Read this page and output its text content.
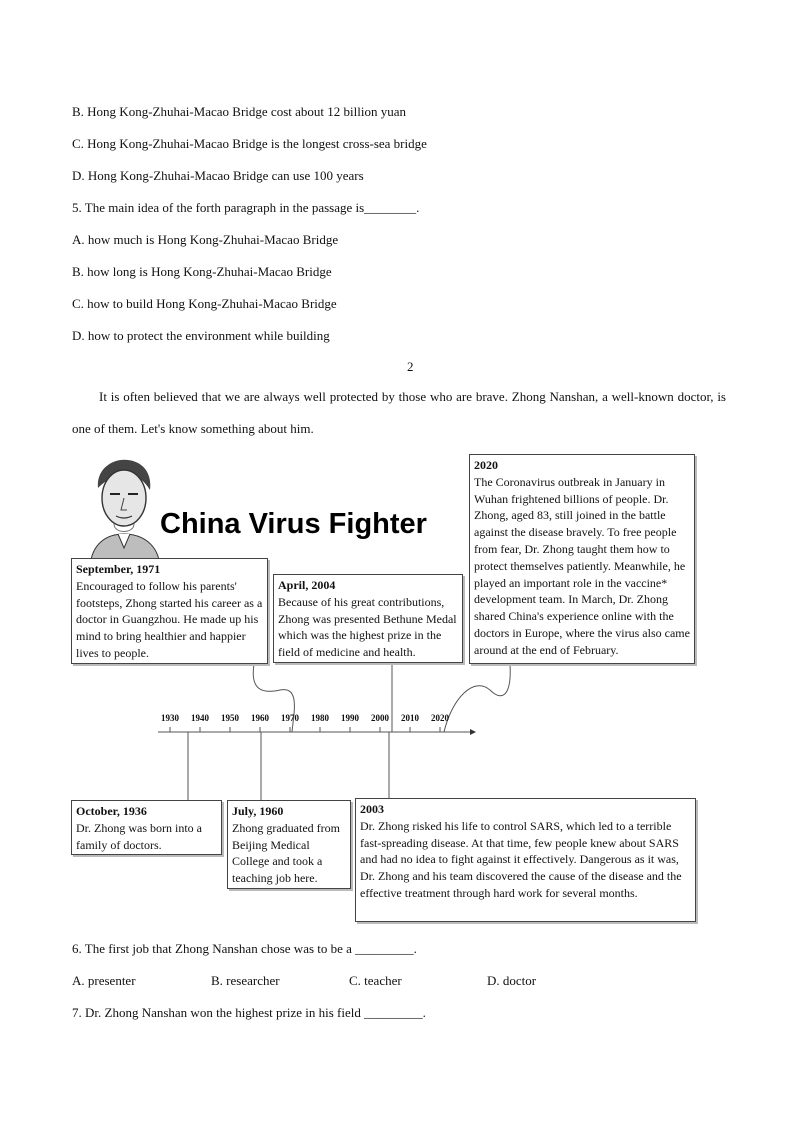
B. Hong Kong-Zhuhai-Macao Bridge cost about 12 billion yuan
C. Hong Kong-Zhuhai-Macao Bridge is the longest cross-sea bridge
D. Hong Kong-Zhuhai-Macao Bridge can use 100 years
5. The main idea of the forth paragraph in the passage is________.
A. how much is Hong Kong-Zhuhai-Macao Bridge
B. how long is Hong Kong-Zhuhai-Macao Bridge
C. how to build Hong Kong-Zhuhai-Macao Bridge
D. how to protect the environment while building
2
It is often believed that we are always well protected by those who are brave. Zhong Nanshan, a well-known doctor, is one of them. Let's know something about him.
1930 1940 1950 1960 1970 1980 1990 2000 2010 2020
China Virus Fighter
September, 1971
Encouraged to follow his parents' footsteps, Zhong started his career as a doctor in Guangzhou. He made up his mind to bring healthier and happier lives to people.
April, 2004
Because of his great contributions, Zhong was presented Bethune Medal which was the highest prize in the field of medicine and health.
2020
The Coronavirus outbreak in January in Wuhan frightened billions of people. Dr. Zhong, aged 83, still joined in the battle against the disease bravely. To free people from fear, Dr. Zhong taught them how to protect themselves patiently. Meanwhile, he played an important role in the vaccine* development team. In March, Dr. Zhong shared China's experience online with the doctors in Europe, where the virus also came around at the end of February.
October, 1936
Dr. Zhong was born into a family of doctors.
July, 1960
Zhong graduated from Beijing Medical College and took a teaching job here.
2003
Dr. Zhong risked his life to control SARS, which led to a terrible fast-spreading disease. At that time, few people knew about SARS and had no idea to fight against it effectively. Dangerous as it was, Dr. Zhong and his team discovered the cause of the disease and the effective treatment through hard work for several months.
6. The first job that Zhong Nanshan chose was to be a _________.
A. presenter	B. researcher	C. teacher	D. doctor
7. Dr. Zhong Nanshan won the highest prize in his field _________.
